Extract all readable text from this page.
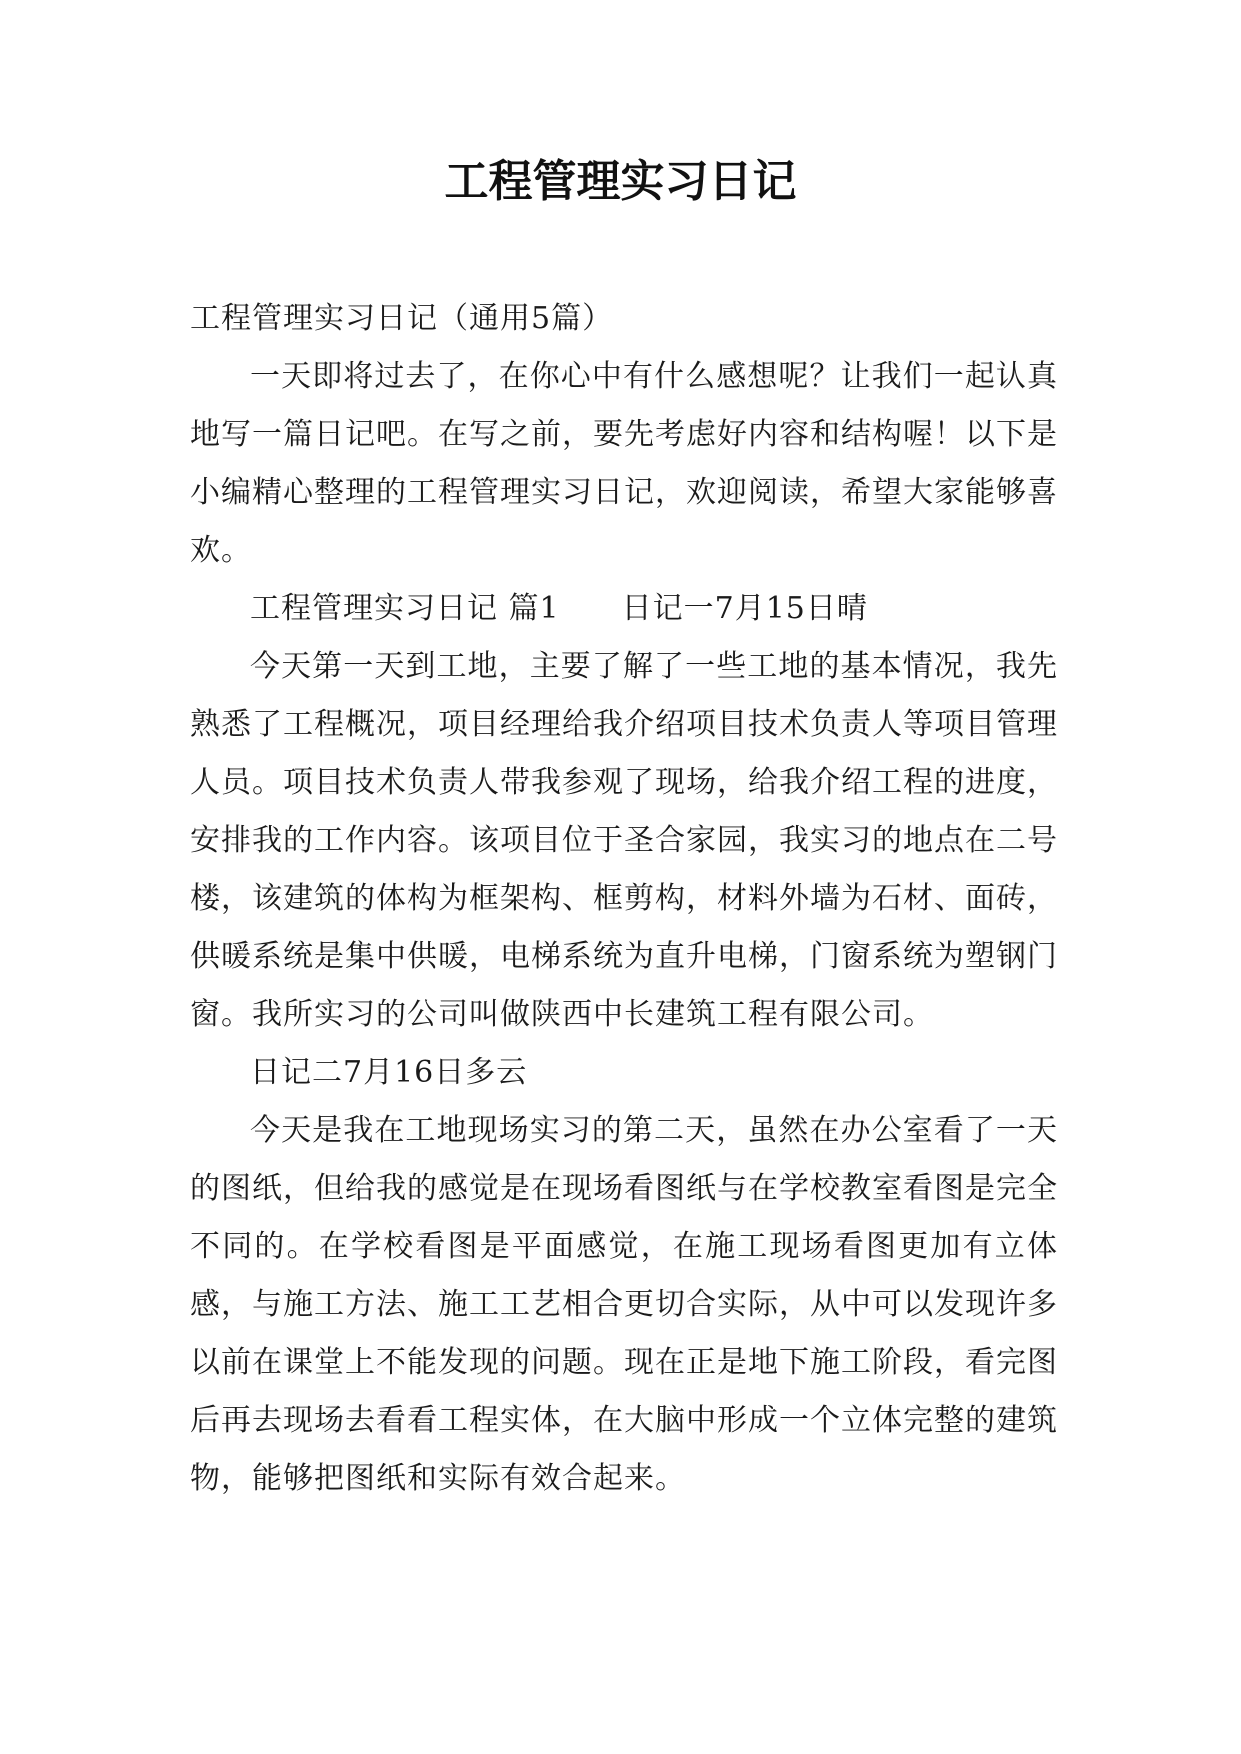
工程管理实习日记

工程管理实习日记（通用5篇）

一天即将过去了，在你心中有什么感想呢？让我们一起认真地写一篇日记吧。在写之前，要先考虑好内容和结构喔！以下是小编精心整理的工程管理实习日记，欢迎阅读，希望大家能够喜欢。

工程管理实习日记 篇1 日记一7月15日晴

今天第一天到工地，主要了解了一些工地的基本情况，我先熟悉了工程概况，项目经理给我介绍项目技术负责人等项目管理人员。项目技术负责人带我参观了现场，给我介绍工程的进度，安排我的工作内容。该项目位于圣合家园，我实习的地点在二号楼，该建筑的体构为框架构、框剪构，材料外墙为石材、面砖，供暖系统是集中供暖，电梯系统为直升电梯，门窗系统为塑钢门窗。我所实习的公司叫做陕西中长建筑工程有限公司。

日记二7月16日多云

今天是我在工地现场实习的第二天，虽然在办公室看了一天的图纸，但给我的感觉是在现场看图纸与在学校教室看图是完全不同的。在学校看图是平面感觉，在施工现场看图更加有立体感，与施工方法、施工工艺相合更切合实际，从中可以发现许多以前在课堂上不能发现的问题。现在正是地下施工阶段，看完图后再去现场去看看工程实体，在大脑中形成一个立体完整的建筑物，能够把图纸和实际有效合起来。
